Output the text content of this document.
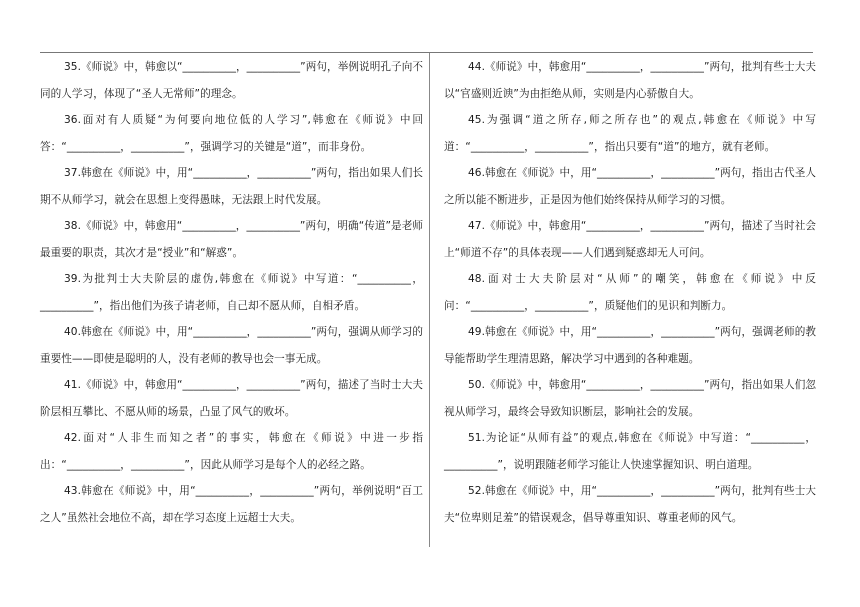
35.《师说》中，韩愈以“__________，__________”两句，举例说明孔子向不同的人学习，体现了“圣人无常师”的理念。

36.面对有人质疑“为何要向地位低的人学习”,韩愈在《师说》中回答：“__________，__________”，强调学习的关键是“道”，而非身份。

37.韩愈在《师说》中，用“__________，__________”两句，指出如果人们长期不从师学习，就会在思想上变得愚昧，无法跟上时代发展。

38.《师说》中，韩愈用“__________，__________”两句，明确“传道”是老师最重要的职责，其次才是“授业”和“解惑”。

39.为批判士大夫阶层的虚伪,韩愈在《师说》中写道：“__________，__________”，指出他们为孩子请老师，自己却不愿从师，自相矛盾。

40.韩愈在《师说》中，用“__________，__________”两句，强调从师学习的重要性——即使是聪明的人，没有老师的教导也会一事无成。

41.《师说》中，韩愈用“__________，__________”两句，描述了当时士大夫阶层相互攀比、不愿从师的场景，凸显了风气的败坏。

42.面对“人非生而知之者”的事实，韩愈在《师说》中进一步指出：“__________，__________”，因此从师学习是每个人的必经之路。

43.韩愈在《师说》中，用“__________，__________”两句，举例说明“百工之人”虽然社会地位不高，却在学习态度上远超士大夫。

44.《师说》中，韩愈用“__________，__________”两句，批判有些士大夫以“官盛则近谀”为由拒绝从师，实则是内心骄傲自大。

45.为强调“道之所存,师之所存也”的观点,韩愈在《师说》中写道：“__________，__________”，指出只要有“道”的地方，就有老师。

46.韩愈在《师说》中，用“__________，__________”两句，指出古代圣人之所以能不断进步，正是因为他们始终保持从师学习的习惯。

47.《师说》中，韩愈用“__________，__________”两句，描述了当时社会上“师道不存”的具体表现——人们遇到疑惑却无人可问。

48.面对士大夫阶层对“从师”的嘲笑，韩愈在《师说》中反问：“__________，__________”，质疑他们的见识和判断力。

49.韩愈在《师说》中，用“__________，__________”两句，强调老师的教导能帮助学生理清思路，解决学习中遇到的各种难题。

50.《师说》中，韩愈用“__________，__________”两句，指出如果人们忽视从师学习，最终会导致知识断层，影响社会的发展。

51.为论证“从师有益”的观点,韩愈在《师说》中写道：“__________，__________”，说明跟随老师学习能让人快速掌握知识、明白道理。

52.韩愈在《师说》中，用“__________，__________”两句，批判有些士大夫“位卑则足羞”的错误观念，倡导尊重知识、尊重老师的风气。
